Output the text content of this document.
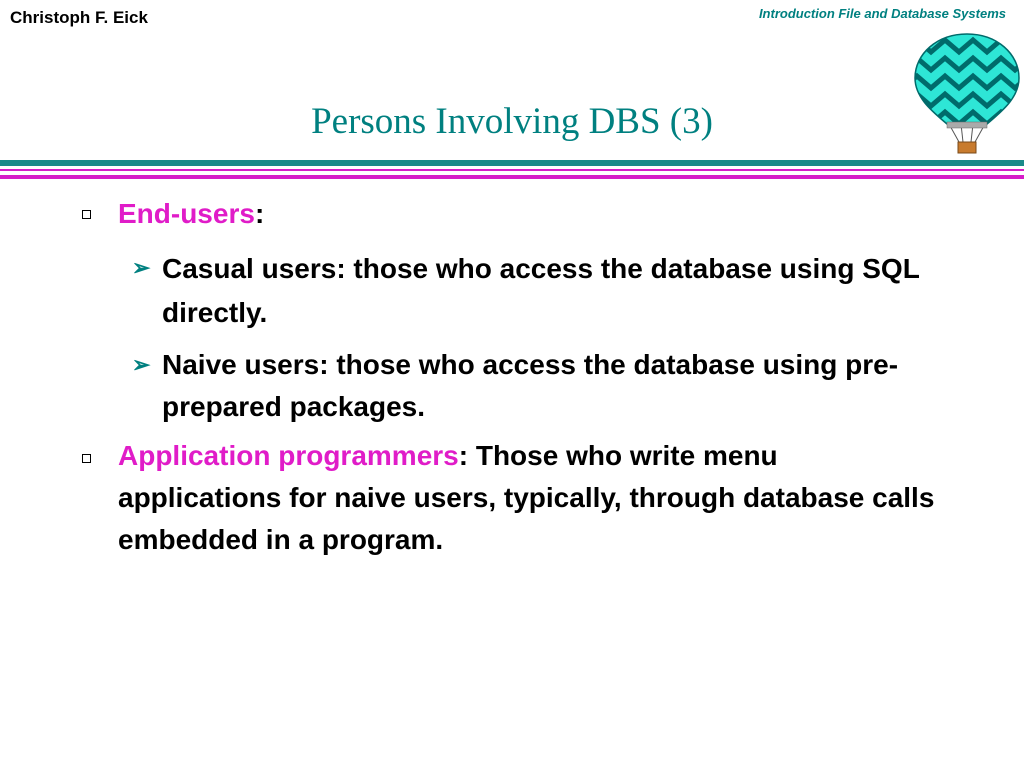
Christoph F. Eick	Introduction File and Database Systems
Persons Involving DBS (3)
End-users:
➢ Casual users: those who access the database using SQL directly.
➢ Naive users: those who access the database using pre-prepared packages.
Application programmers: Those who write menu applications for naive users, typically, through database calls embedded in a program.
